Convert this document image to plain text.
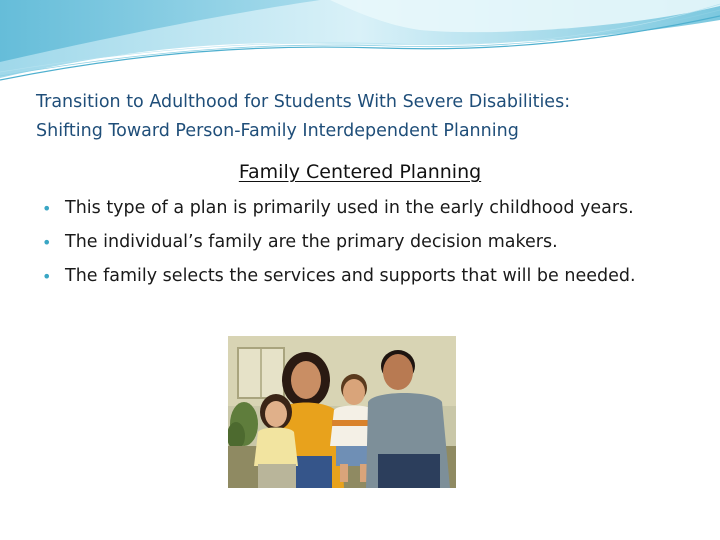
Transition to Adulthood for Students With Severe Disabilities:
Shifting Toward Person-Family Interdependent Planning

Family Centered Planning

• This type of a plan is primarily used in the early childhood years.
• The individual’s family are the primary decision makers.
• The family selects the services and supports that will be needed.
